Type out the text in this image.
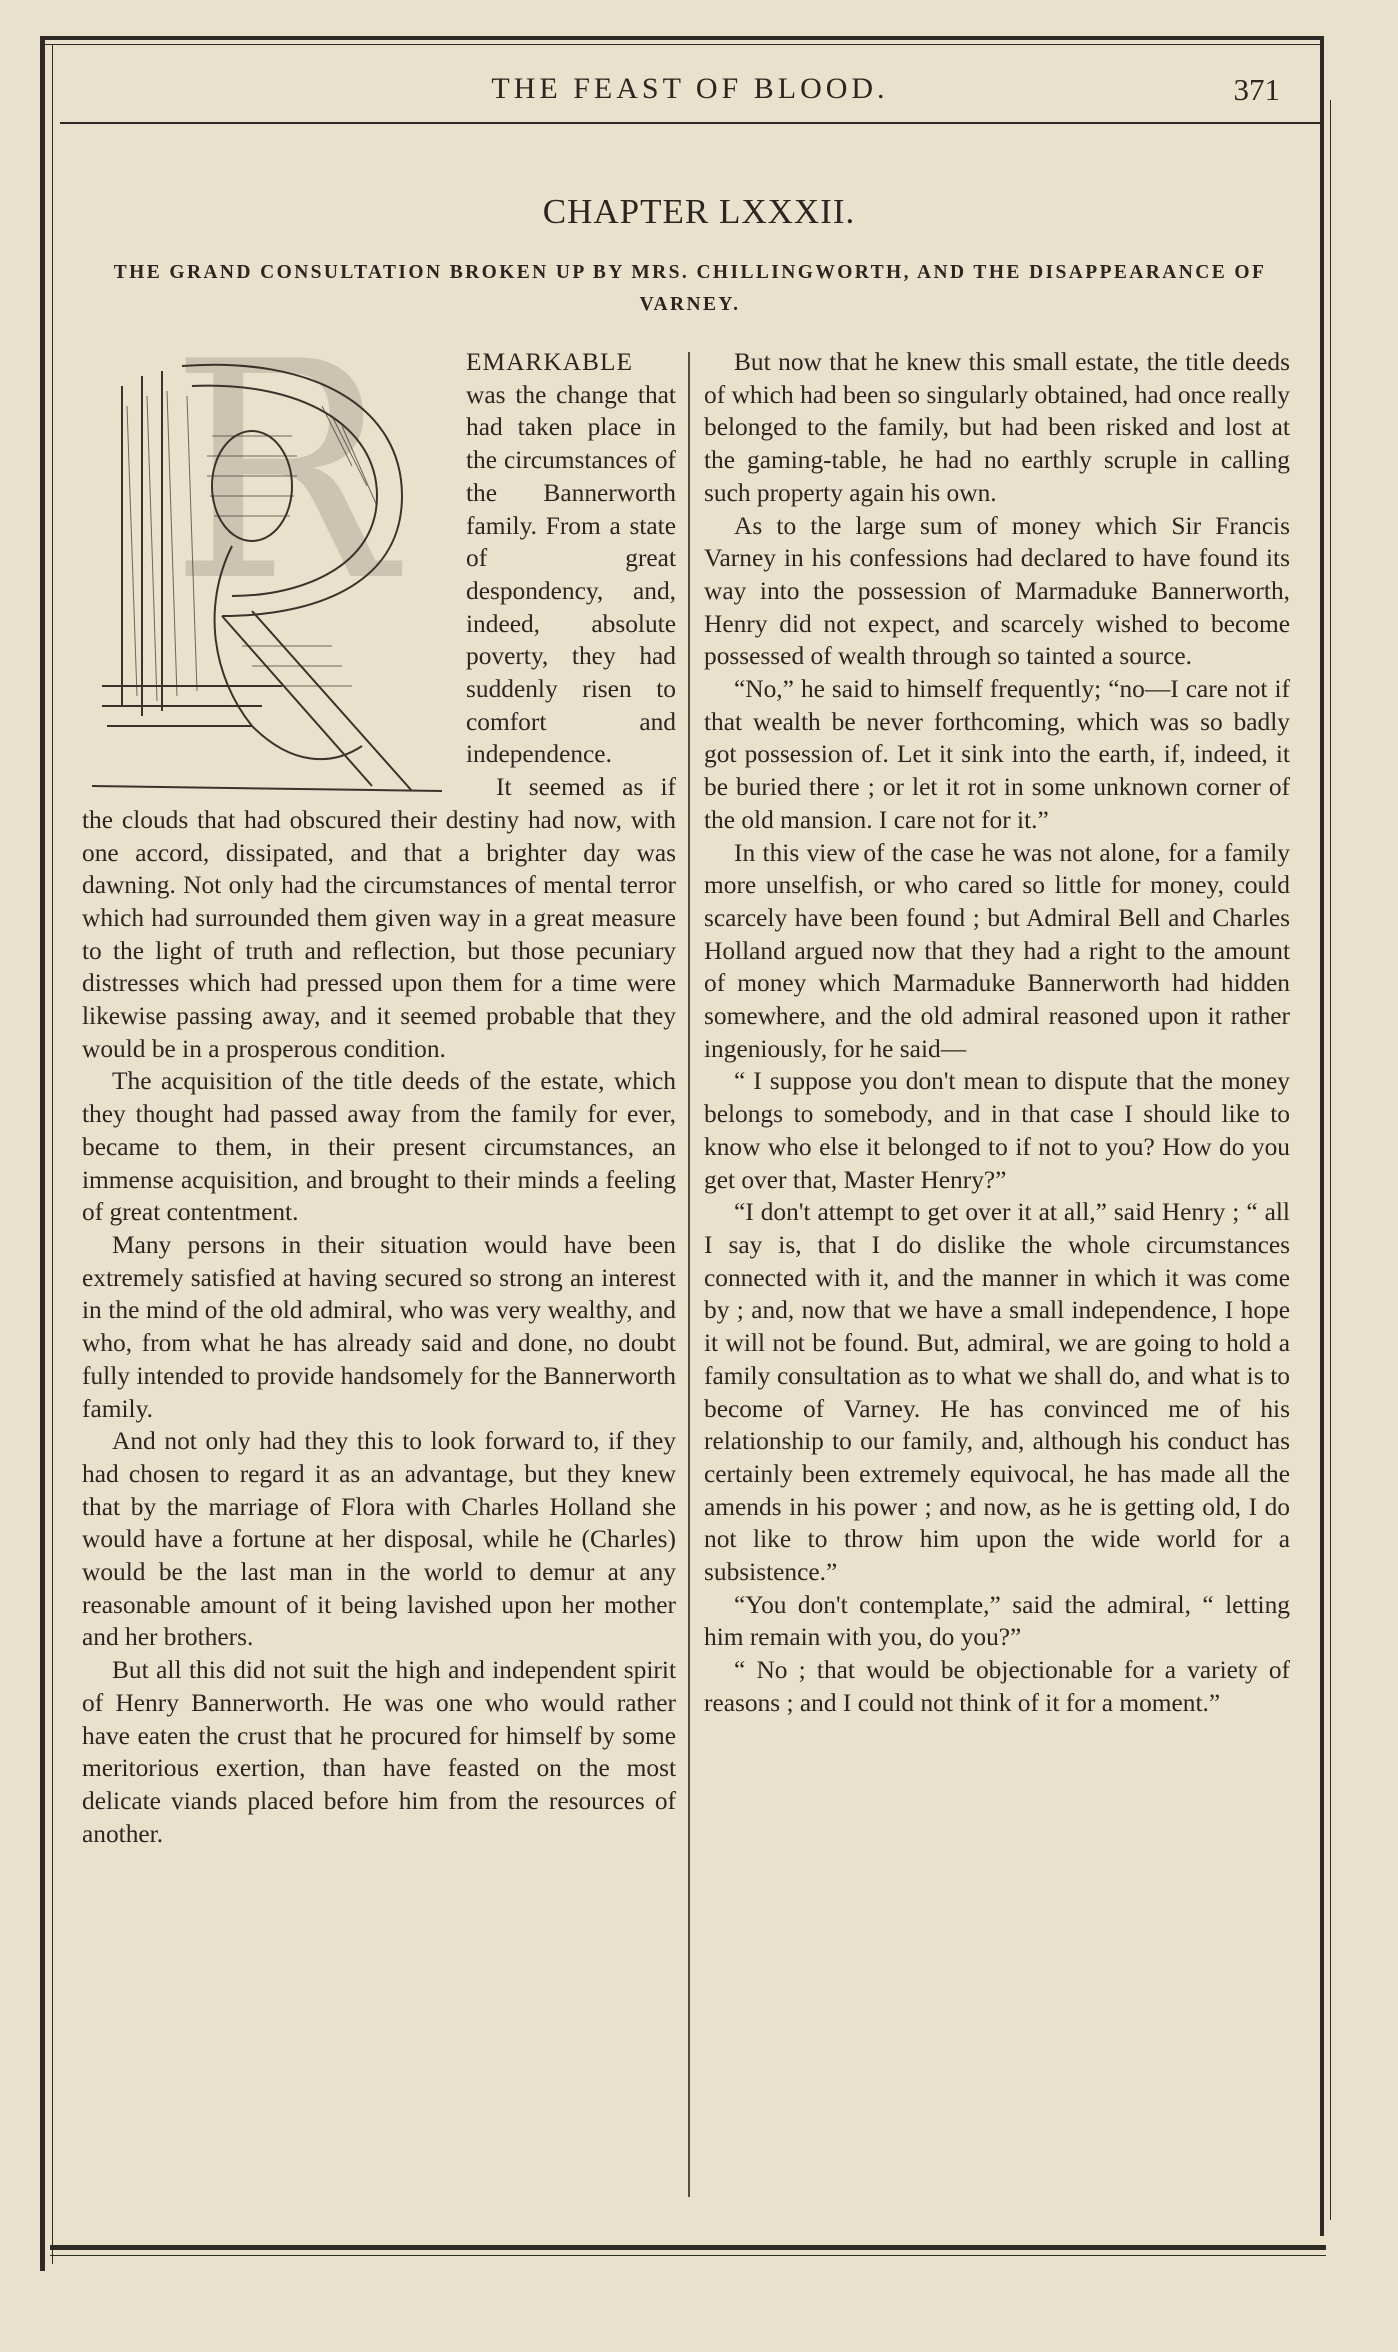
THE FEAST OF BLOOD.	371
CHAPTER LXXXII.
THE GRAND CONSULTATION BROKEN UP BY MRS. CHILLINGWORTH, AND THE DISAPPEARANCE OF VARNEY.
R	EMARKABLE was the change that had taken place in the circumstances of the Bannerworth family. From a state of great despondency, and, indeed, absolute poverty, they had suddenly risen to comfort and independence.

It seemed as if the clouds that had obscured their destiny had now, with one accord, dissipated, and that a brighter day was dawning. Not only had the circumstances of mental terror which had surrounded them given way in a great measure to the light of truth and reflection, but those pecuniary distresses which had pressed upon them for a time were likewise passing away, and it seemed probable that they would be in a prosperous condition.

The acquisition of the title deeds of the estate, which they thought had passed away from the family for ever, became to them, in their present circumstances, an immense acquisition, and brought to their minds a feeling of great contentment.

Many persons in their situation would have been extremely satisfied at having secured so strong an interest in the mind of the old admiral, who was very wealthy, and who, from what he has already said and done, no doubt fully intended to provide handsomely for the Bannerworth family.

And not only had they this to look forward to, if they had chosen to regard it as an advantage, but they knew that by the marriage of Flora with Charles Holland she would have a fortune at her disposal, while he (Charles) would be the last man in the world to demur at any reasonable amount of it being lavished upon her mother and her brothers.

But all this did not suit the high and independent spirit of Henry Bannerworth. He was one who would rather have eaten the crust that he procured for himself by some meritorious exertion, than have feasted on the most delicate viands placed before him from the resources of another.

But now that he knew this small estate, the title deeds of which had been so singularly obtained, had once really belonged to the family, but had been risked and lost at the gaming-table, he had no earthly scruple in calling such property again his own.

As to the large sum of money which Sir Francis Varney in his confessions had declared to have found its way into the possession of Marmaduke Bannerworth, Henry did not expect, and scarcely wished to become possessed of wealth through so tainted a source.

“No,” he said to himself frequently; “no—I care not if that wealth be never forthcoming, which was so badly got possession of. Let it sink into the earth, if, indeed, it be buried there ; or let it rot in some unknown corner of the old mansion. I care not for it.”

In this view of the case he was not alone, for a family more unselfish, or who cared so little for money, could scarcely have been found ; but Admiral Bell and Charles Holland argued now that they had a right to the amount of money which Marmaduke Bannerworth had hidden somewhere, and the old admiral reasoned upon it rather ingeniously, for he said—

“ I suppose you don't mean to dispute that the money belongs to somebody, and in that case I should like to know who else it belonged to if not to you? How do you get over that, Master Henry?”

“I don't attempt to get over it at all,” said Henry ; “ all I say is, that I do dislike the whole circumstances connected with it, and the manner in which it was come by ; and, now that we have a small independence, I hope it will not be found. But, admiral, we are going to hold a family consultation as to what we shall do, and what is to become of Varney. He has convinced me of his relationship to our family, and, although his conduct has certainly been extremely equivocal, he has made all the amends in his power ; and now, as he is getting old, I do not like to throw him upon the wide world for a subsistence.”

“You don't contemplate,” said the admiral, “ letting him remain with you, do you?”

“ No ; that would be objectionable for a variety of reasons ; and I could not think of it for a moment.”
